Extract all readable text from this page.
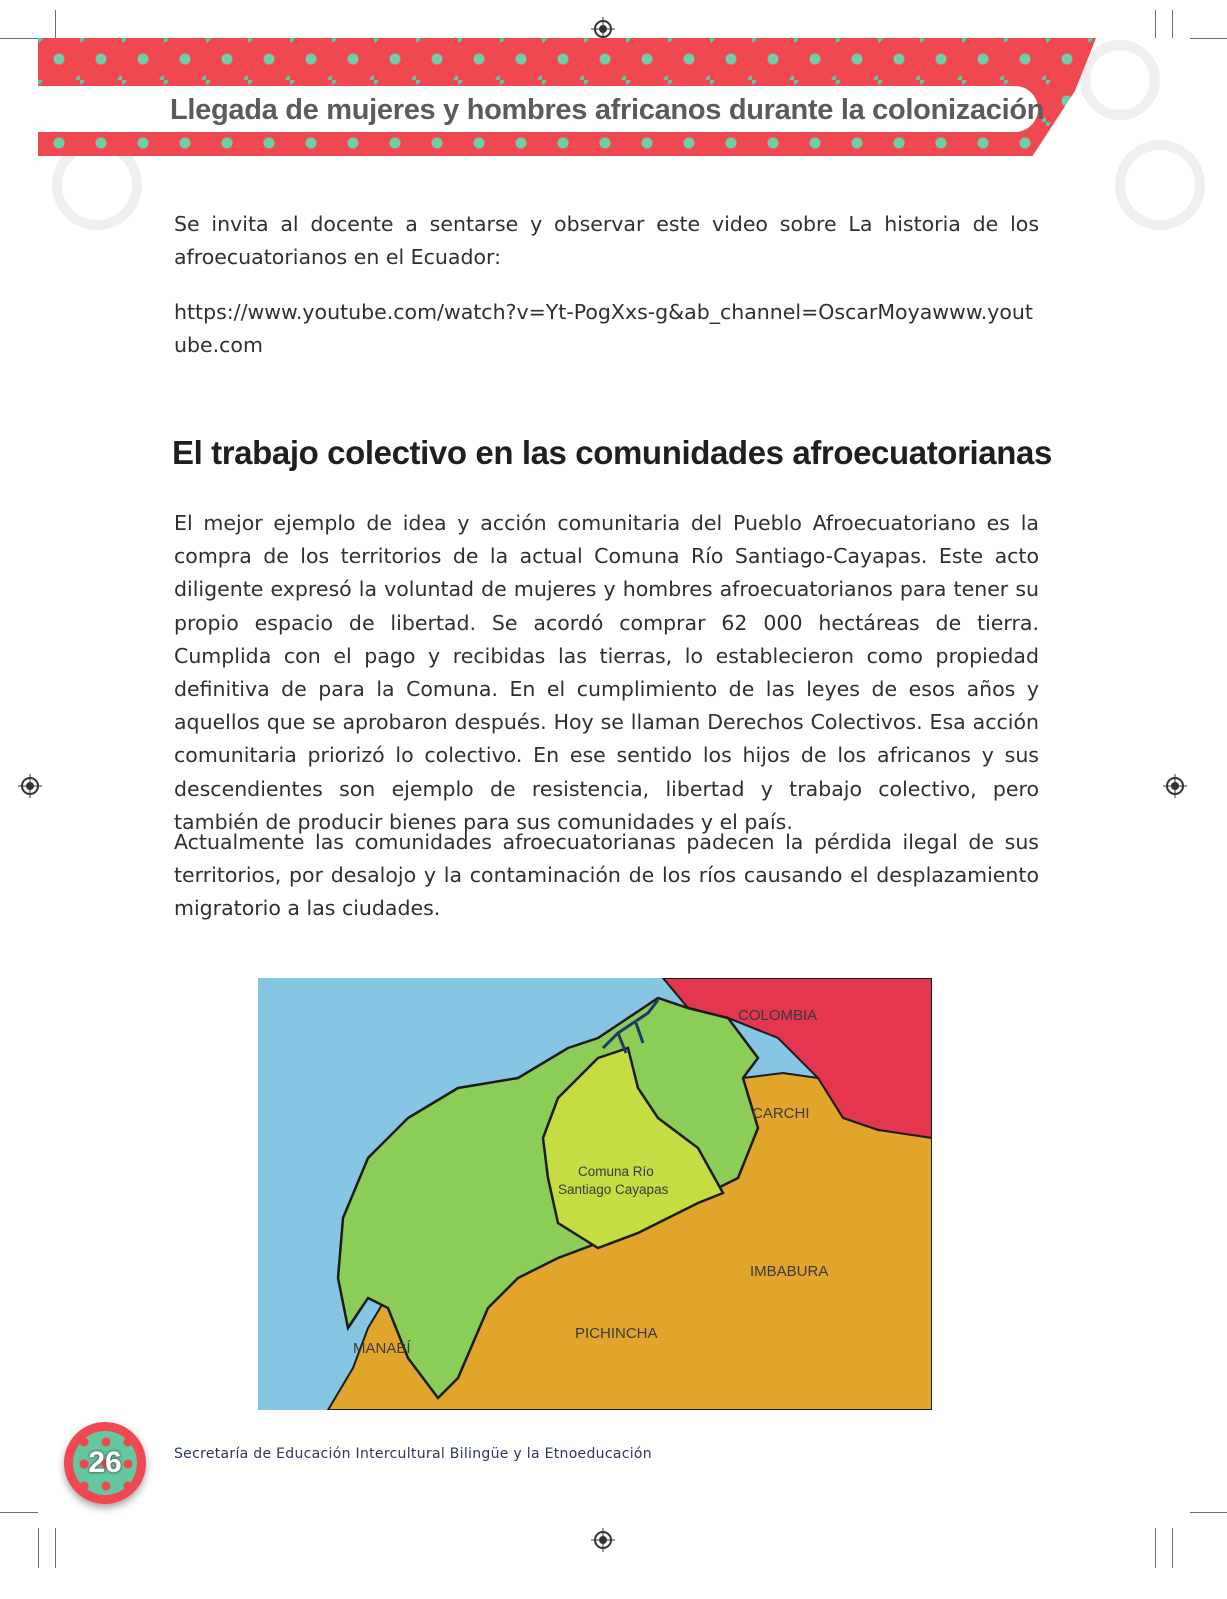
Llegada de mujeres y hombres africanos durante la colonización

Se invita al docente a sentarse y observar este video sobre La historia de los afroecuatorianos en el Ecuador:

https://www.youtube.com/watch?v=Yt-PogXxs-g&ab_channel=OscarMoyawww.youtube.com

El trabajo colectivo en las comunidades afroecuatorianas

El mejor ejemplo de idea y acción comunitaria del Pueblo Afroecuatoriano es la compra de los territorios de la actual Comuna Río Santiago-Cayapas. Este acto diligente expresó la voluntad de mujeres y hombres afroecuatorianos para tener su propio espacio de libertad. Se acordó comprar 62 000 hectáreas de tierra. Cumplida con el pago y recibidas las tierras, lo establecieron como propiedad definitiva de para la Comuna. En el cumplimiento de las leyes de esos años y aquellos que se aprobaron después. Hoy se llaman Derechos Colectivos. Esa acción comunitaria priorizó lo colectivo. En ese sentido los hijos de los africanos y sus descendientes son ejemplo de resistencia, libertad y trabajo colectivo, pero también de producir bienes para sus comunidades y el país.

Actualmente las comunidades afroecuatorianas padecen la pérdida ilegal de sus territorios, por desalojo y la contaminación de los ríos causando el desplazamiento migratorio a las ciudades.

COLOMBIA
CARCHI
Comuna Río
Santiago Cayapas
IMBABURA
PICHINCHA
MANABÍ
26	Secretaría de Educación Intercultural Bilingüe y la Etnoeducación
